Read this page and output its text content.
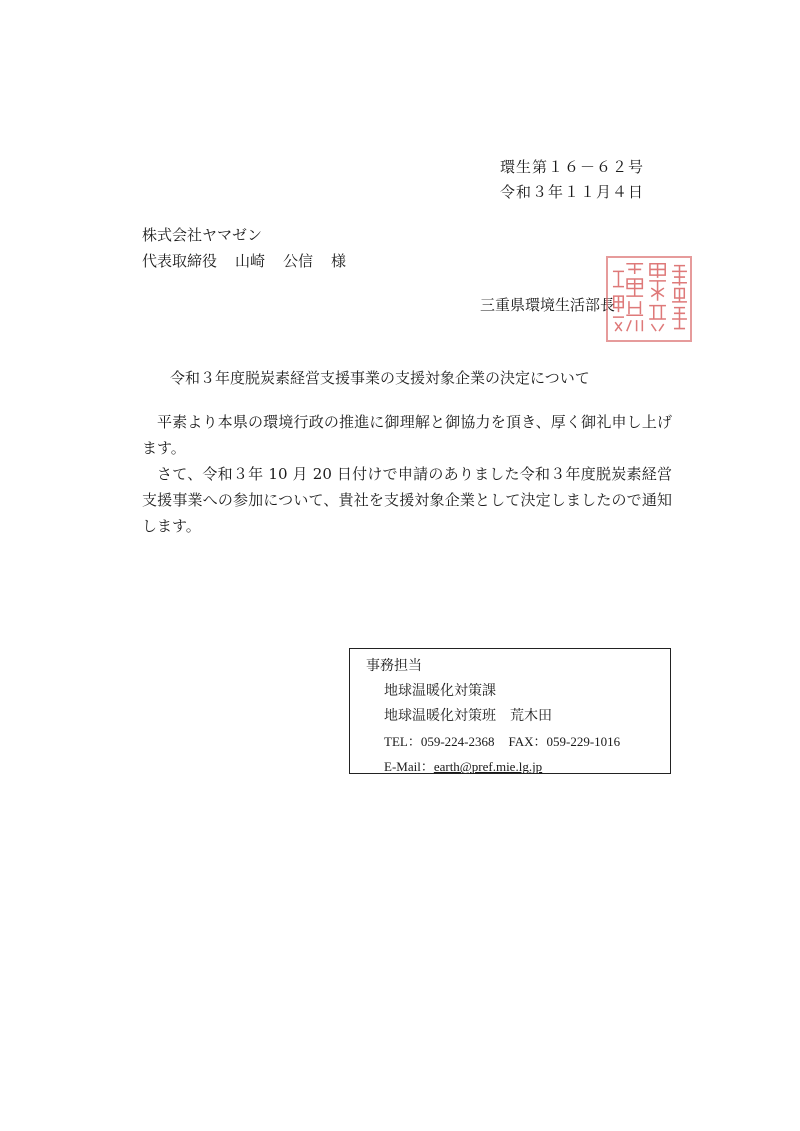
環生第１６－６２号
令和３年１１月４日
株式会社ヤマゼン
代表取締役 山崎 公信 様
三重県環境生活部長
令和３年度脱炭素経営支援事業の支援対象企業の決定について

平素より本県の環境行政の推進に御理解と御協力を頂き、厚く御礼申し上げます。

さて、令和３年 10 月 20 日付けで申請のありました令和３年度脱炭素経営支援事業への参加について、貴社を支援対象企業として決定しましたので通知します。

事務担当
地球温暖化対策課
地球温暖化対策班 荒木田
TEL：059-224-2368 FAX：059-229-1016
E-Mail：earth@pref.mie.lg.jp
